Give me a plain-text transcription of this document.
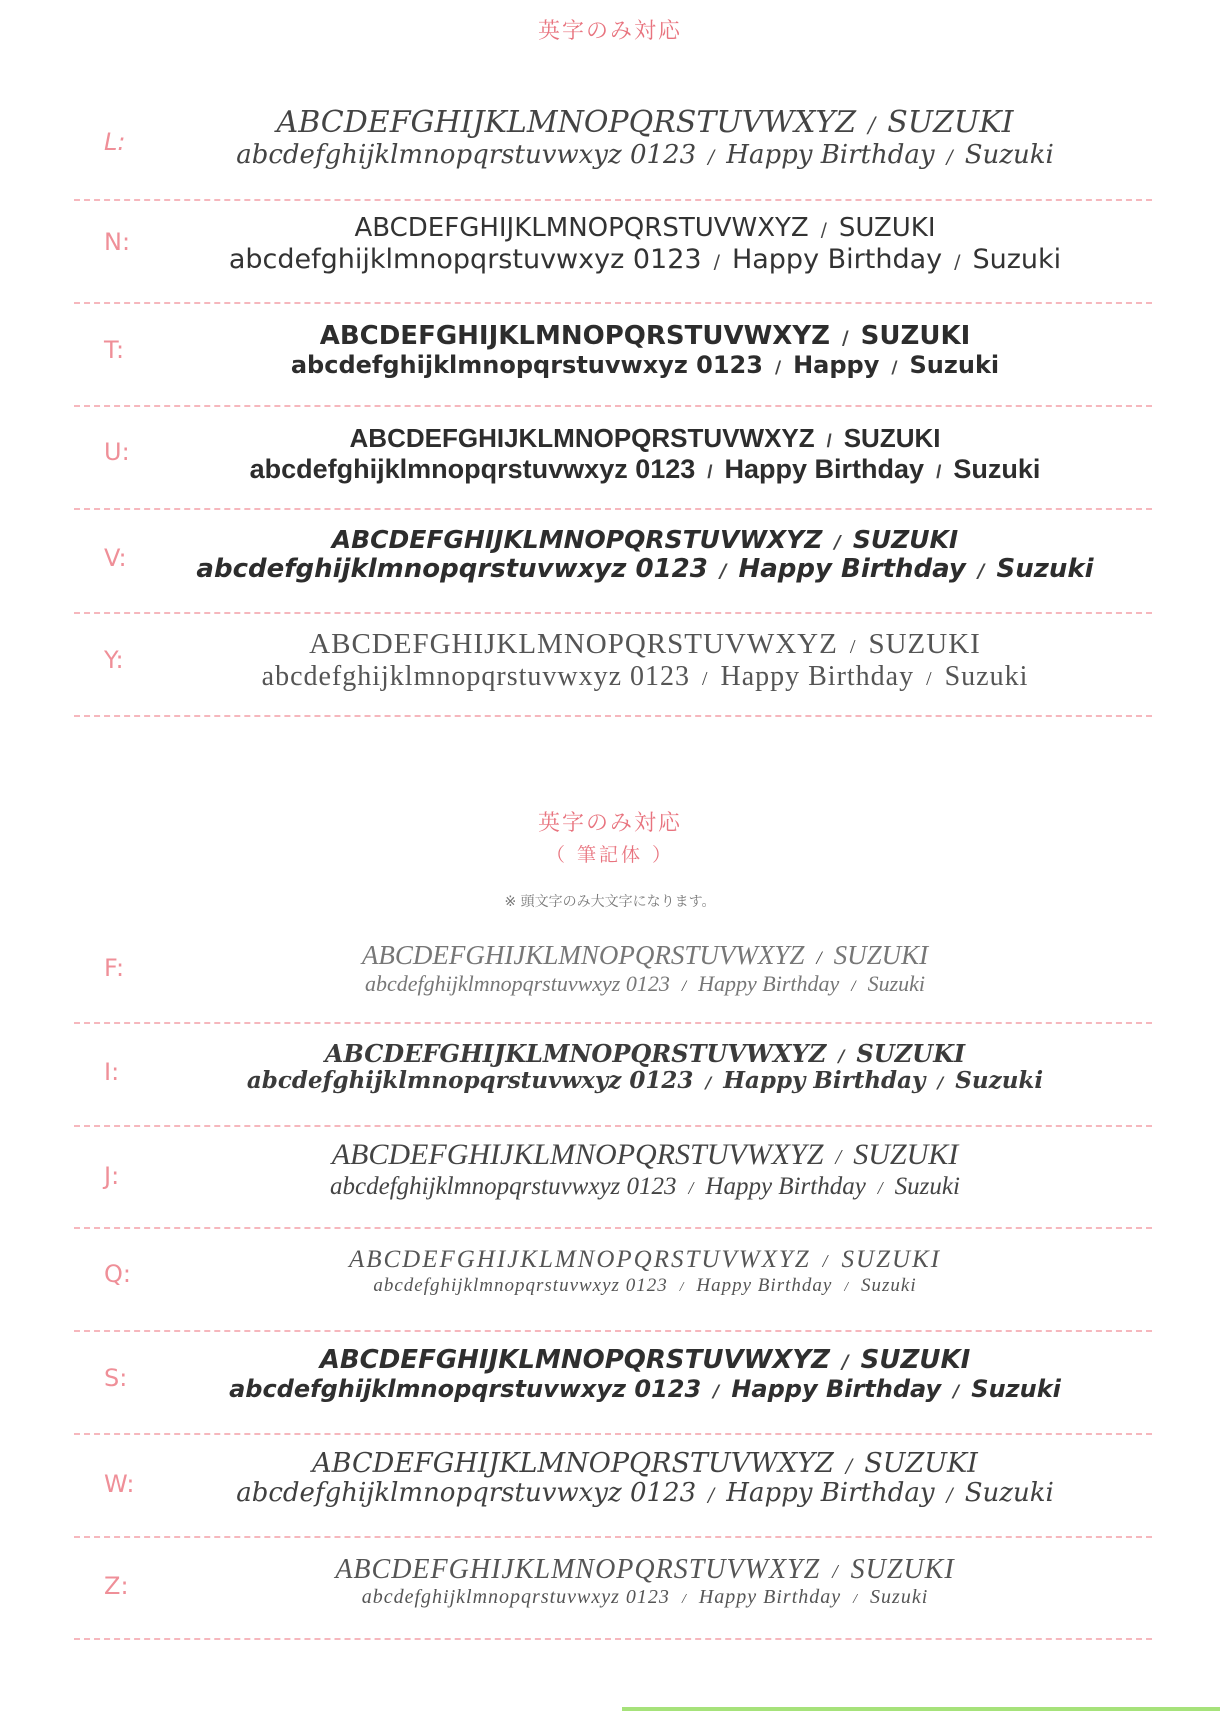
英字のみ対応
L:
ABCDEFGHIJKLMNOPQRSTUVWXYZ / SUZUKI
abcdefghijklmnopqrstuvwxyz 0123 / Happy Birthday / Suzuki
N:	ABCDEFGHIJKLMNOPQRSTUVWXYZ / SUZUKI
abcdefghijklmnopqrstuvwxyz 0123 / Happy Birthday / Suzuki
T:	ABCDEFGHIJKLMNOPQRSTUVWXYZ / SUZUKI
abcdefghijklmnopqrstuvwxyz 0123 / Happy / Suzuki
U:	ABCDEFGHIJKLMNOPQRSTUVWXYZ / SUZUKI
abcdefghijklmnopqrstuvwxyz 0123 / Happy Birthday / Suzuki
V:
ABCDEFGHIJKLMNOPQRSTUVWXYZ / SUZUKI
abcdefghijklmnopqrstuvwxyz 0123 / Happy Birthday / Suzuki
Y:	ABCDEFGHIJKLMNOPQRSTUVWXYZ / SUZUKI
abcdefghijklmnopqrstuvwxyz 0123 / Happy Birthday / Suzuki
英字のみ対応
（ 筆記体 ）
※ 頭文字のみ大文字になります。
F:	ABCDEFGHIJKLMNOPQRSTUVWXYZ / SUZUKI
abcdefghijklmnopqrstuvwxyz 0123 / Happy Birthday / Suzuki
I:
ABCDEFGHIJKLMNOPQRSTUVWXYZ / SUZUKI
abcdefghijklmnopqrstuvwxyz 0123 / Happy Birthday / Suzuki
J:
ABCDEFGHIJKLMNOPQRSTUVWXYZ / SUZUKI
abcdefghijklmnopqrstuvwxyz 0123 / Happy Birthday / Suzuki
Q:
ABCDEFGHIJKLMNOPQRSTUVWXYZ / SUZUKI
abcdefghijklmnopqrstuvwxyz 0123 / Happy Birthday / Suzuki
S:
ABCDEFGHIJKLMNOPQRSTUVWXYZ / SUZUKI
abcdefghijklmnopqrstuvwxyz 0123 / Happy Birthday / Suzuki
W:
ABCDEFGHIJKLMNOPQRSTUVWXYZ / SUZUKI
abcdefghijklmnopqrstuvwxyz 0123 / Happy Birthday / Suzuki
Z:
ABCDEFGHIJKLMNOPQRSTUVWXYZ / SUZUKI
abcdefghijklmnopqrstuvwxyz 0123 / Happy Birthday / Suzuki
